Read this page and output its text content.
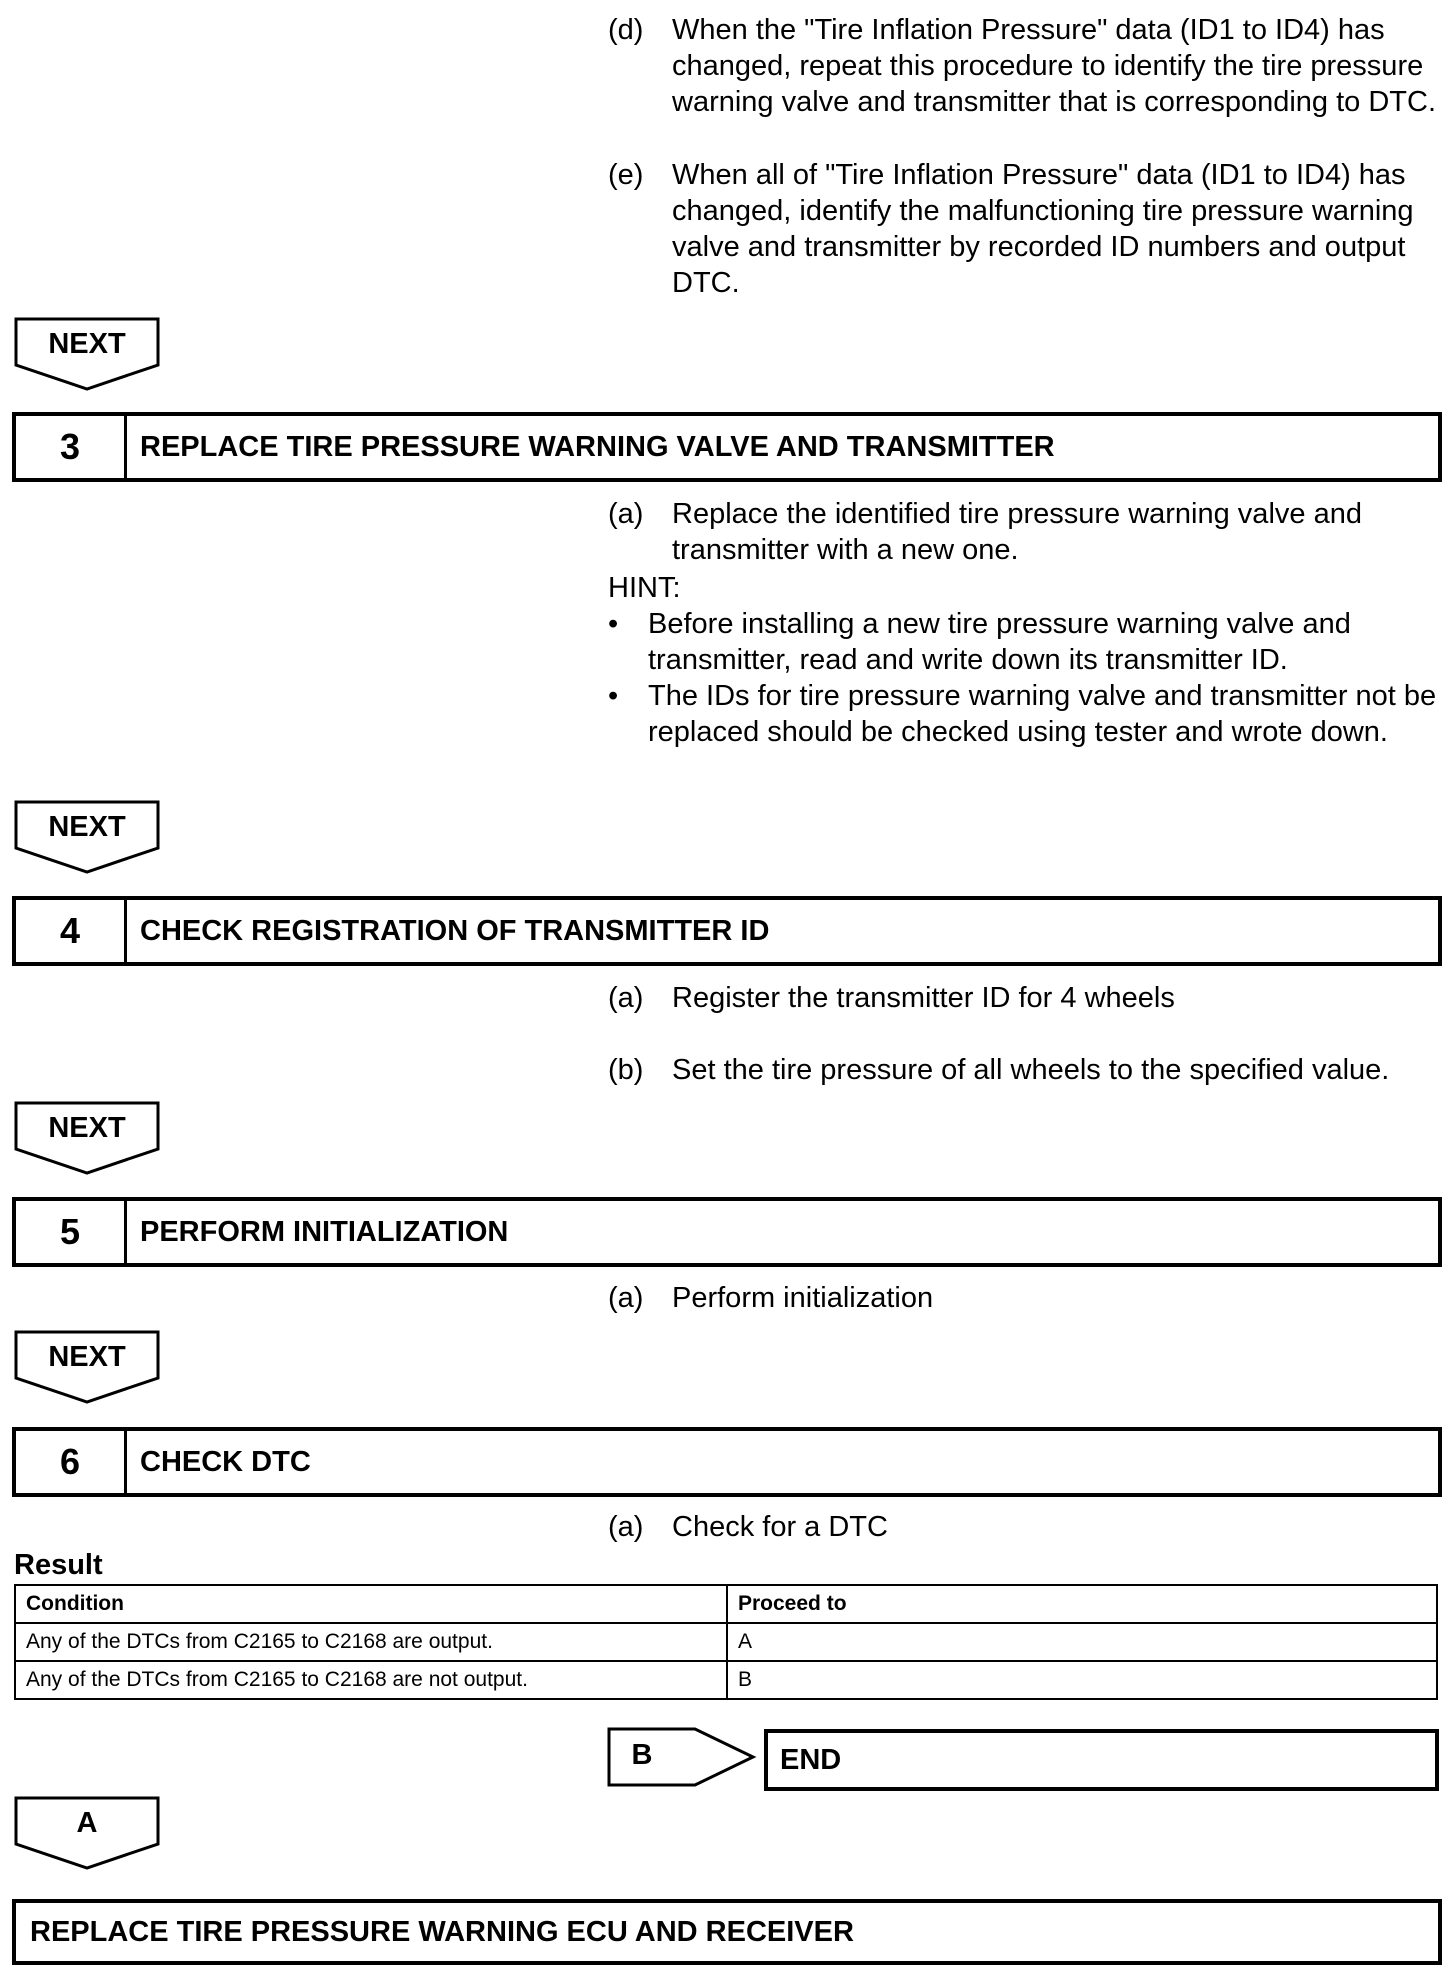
(d) When the "Tire Inflation Pressure" data (ID1 to ID4) has changed, repeat this procedure to identify the tire pressure warning valve and transmitter that is corresponding to DTC.
(e) When all of "Tire Inflation Pressure" data (ID1 to ID4) has changed, identify the malfunctioning tire pressure warning valve and transmitter by recorded ID numbers and output DTC.
NEXT
3	REPLACE TIRE PRESSURE WARNING VALVE AND TRANSMITTER
(a) Replace the identified tire pressure warning valve and transmitter with a new one.
HINT:
• Before installing a new tire pressure warning valve and transmitter, read and write down its transmitter ID.
• The IDs for tire pressure warning valve and transmitter not be replaced should be checked using tester and wrote down.
NEXT
4	CHECK REGISTRATION OF TRANSMITTER ID
(a) Register the transmitter ID for 4 wheels
(b) Set the tire pressure of all wheels to the specified value.
NEXT
5	PERFORM INITIALIZATION
(a) Perform initialization
NEXT
6	CHECK DTC
(a) Check for a DTC
Result
Condition	Proceed to
Any of the DTCs from C2165 to C2168 are output.	A
Any of the DTCs from C2165 to C2168 are not output.	B
B	END
A
REPLACE TIRE PRESSURE WARNING ECU AND RECEIVER
